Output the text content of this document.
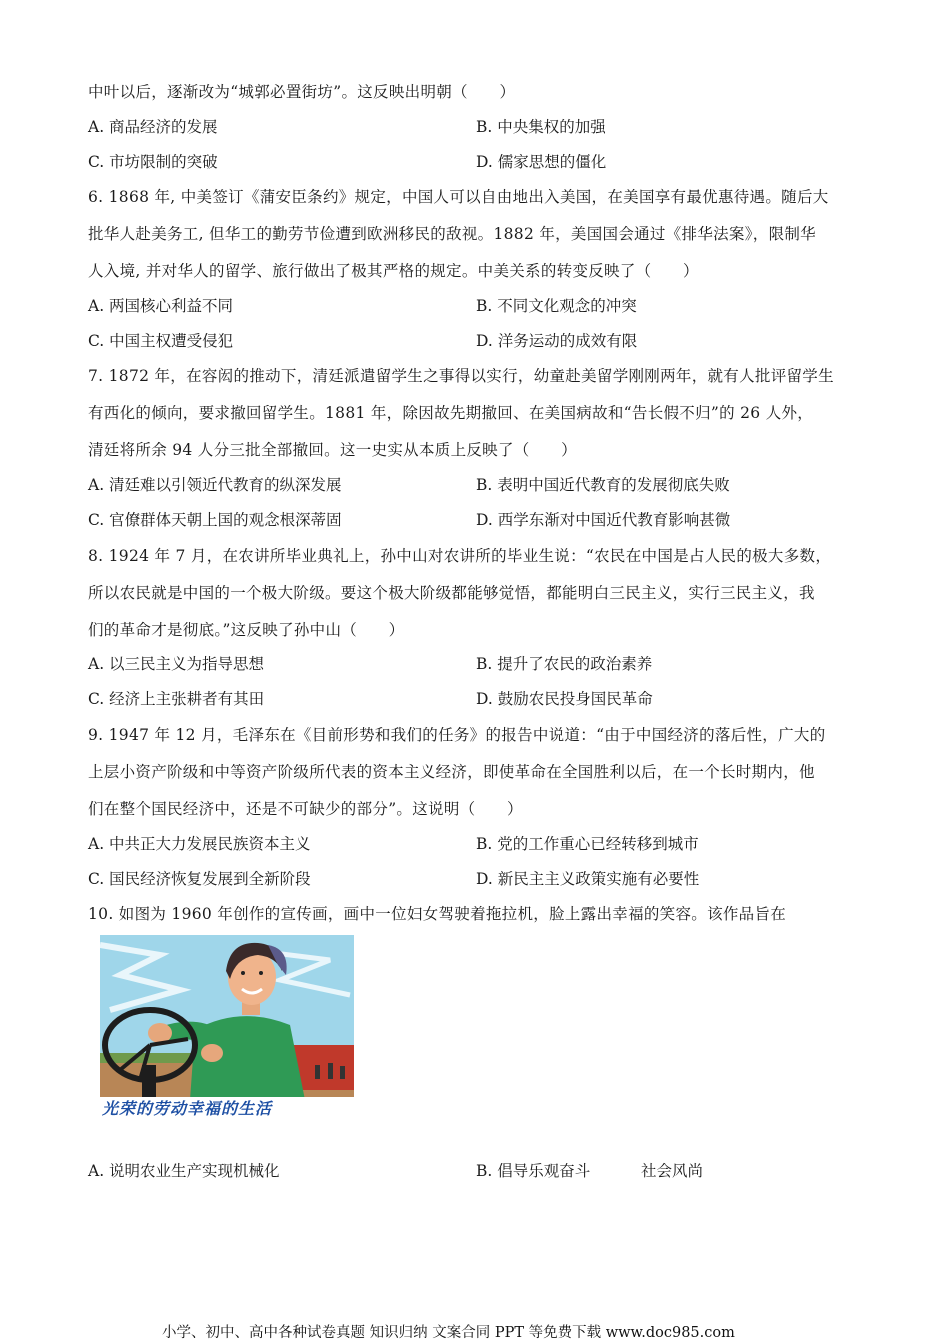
中叶以后，逐渐改为“城郭必置街坊”。这反映出明朝（　　）
A. 商品经济的发展	B. 中央集权的加强
C. 市坊限制的突破	D. 儒家思想的僵化
6. 1868 年, 中美签订《蒲安臣条约》规定，中国人可以自由地出入美国，在美国享有最优惠待遇。随后大
批华人赴美务工, 但华工的勤劳节俭遭到欧洲移民的敌视。1882 年，美国国会通过《排华法案》，限制华
人入境, 并对华人的留学、旅行做出了极其严格的规定。中美关系的转变反映了（　　）
A. 两国核心利益不同	B. 不同文化观念的冲突
C. 中国主权遭受侵犯	D. 洋务运动的成效有限
7. 1872 年，在容闳的推动下，清廷派遣留学生之事得以实行，幼童赴美留学刚刚两年，就有人批评留学生
有西化的倾向，要求撤回留学生。1881 年，除因故先期撤回、在美国病故和“告长假不归”的 26 人外，
清廷将所余 94 人分三批全部撤回。这一史实从本质上反映了（　　）
A. 清廷难以引领近代教育的纵深发展	B. 表明中国近代教育的发展彻底失败
C. 官僚群体天朝上国的观念根深蒂固	D. 西学东渐对中国近代教育影响甚微
8. 1924 年 7 月，在农讲所毕业典礼上，孙中山对农讲所的毕业生说：“农民在中国是占人民的极大多数，
所以农民就是中国的一个极大阶级。要这个极大阶级都能够觉悟，都能明白三民主义，实行三民主义，我
们的革命才是彻底。”这反映了孙中山（　　）
A. 以三民主义为指导思想	B. 提升了农民的政治素养
C. 经济上主张耕者有其田	D. 鼓励农民投身国民革命
9. 1947 年 12 月，毛泽东在《目前形势和我们的任务》的报告中说道：“由于中国经济的落后性，广大的
上层小资产阶级和中等资产阶级所代表的资本主义经济，即使革命在全国胜利以后，在一个长时期内，他
们在整个国民经济中，还是不可缺少的部分”。这说明（　　）
A. 中共正大力发展民族资本主义	B. 党的工作重心已经转移到城市
C. 国民经济恢复发展到全新阶段	D. 新民主主义政策实施有必要性
10. 如图为 1960 年创作的宣传画，画中一位妇女驾驶着拖拉机，脸上露出幸福的笑容。该作品旨在
光荣的劳动幸福的生活
A. 说明农业生产实现机械化	B. 倡导乐观奋斗	社会风尚
小学、初中、高中各种试卷真题 知识归纳 文案合同 PPT 等免费下载 www.doc985.com
